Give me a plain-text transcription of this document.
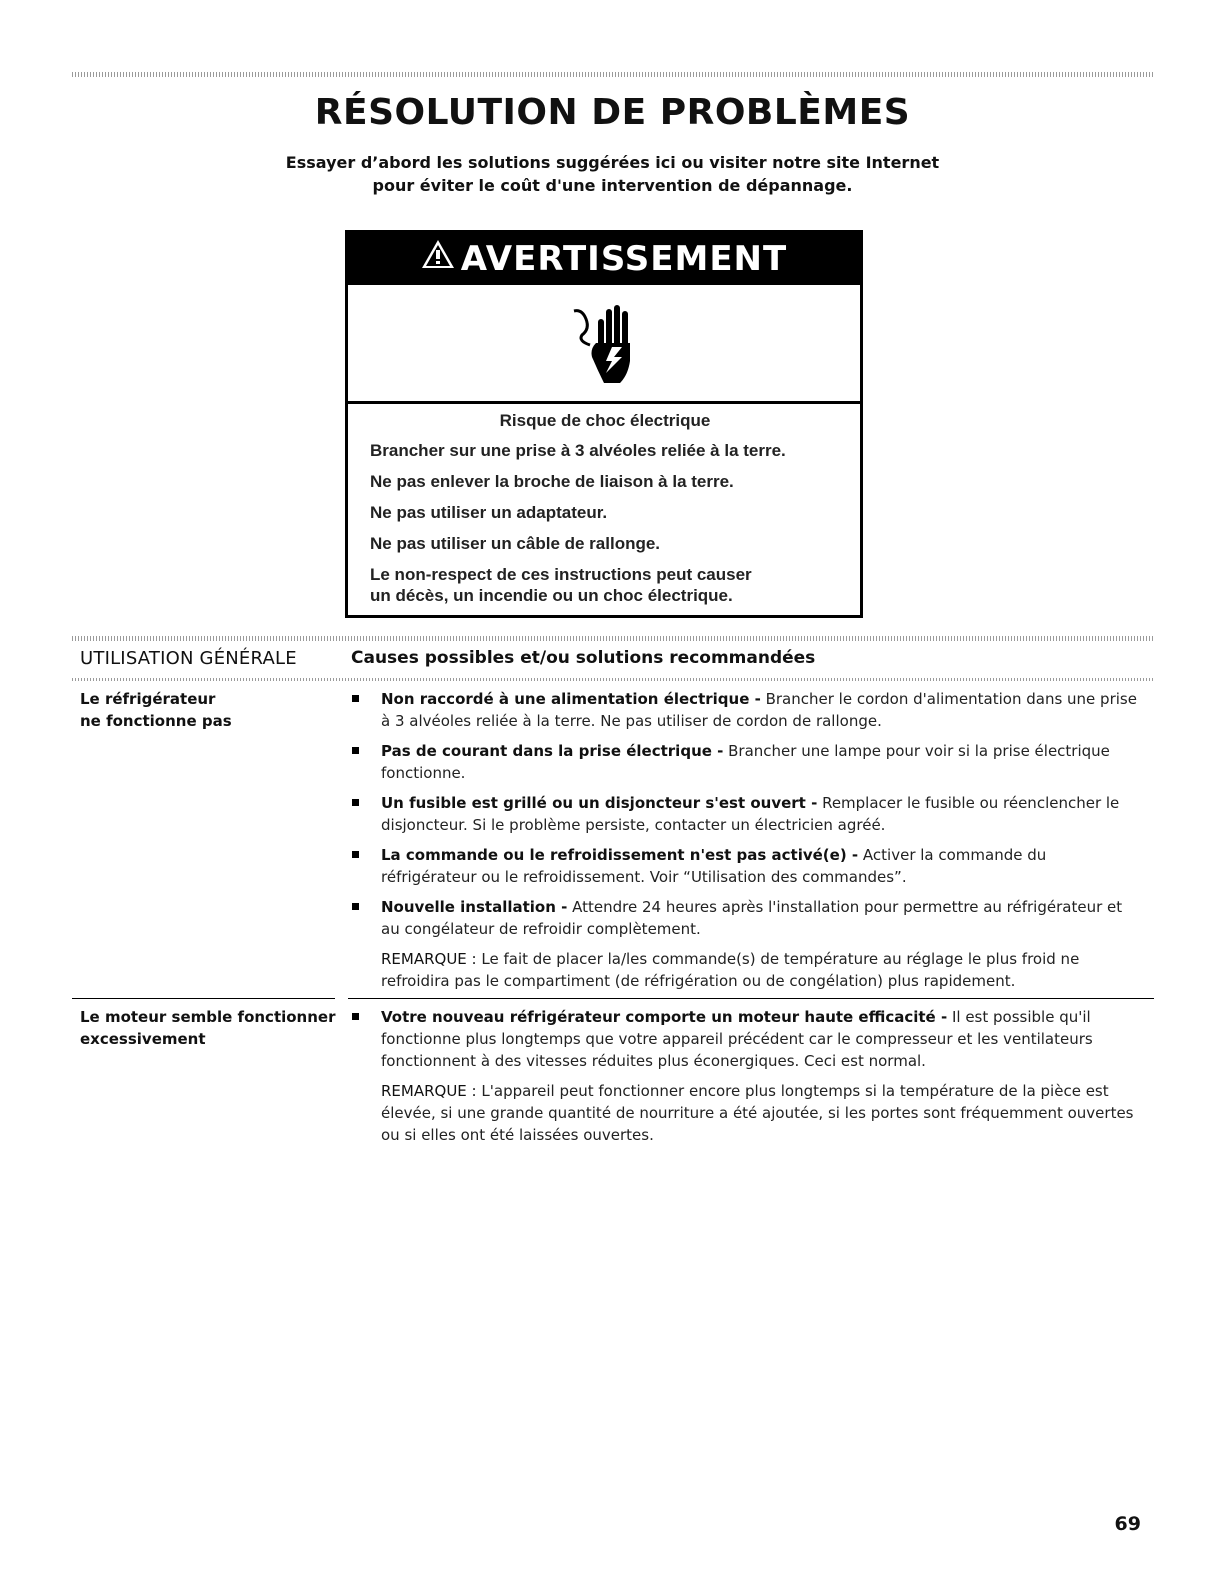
RÉSOLUTION DE PROBLÈMES
Essayer d’abord les solutions suggérées ici ou visiter notre site Internet
pour éviter le coût d'une intervention de dépannage.
AVERTISSEMENT

Risque de choc électrique

Brancher sur une prise à 3 alvéoles reliée à la terre.

Ne pas enlever la broche de liaison à la terre.

Ne pas utiliser un adaptateur.

Ne pas utiliser un câble de rallonge.

Le non-respect de ces instructions peut causer
un décès, un incendie ou un choc électrique.

UTILISATION GÉNÉRALE	Causes possibles et/ou solutions recommandées
Le réfrigérateur
ne fonctionne pas
Non raccordé à une alimentation électrique - Brancher le cordon d'alimentation dans une prise à 3 alvéoles reliée à la terre. Ne pas utiliser de cordon de rallonge.
Pas de courant dans la prise électrique - Brancher une lampe pour voir si la prise électrique fonctionne.
Un fusible est grillé ou un disjoncteur s'est ouvert - Remplacer le fusible ou réenclencher le disjoncteur. Si le problème persiste, contacter un électricien agréé.
La commande ou le refroidissement n'est pas activé(e) - Activer la commande du réfrigérateur ou le refroidissement. Voir “Utilisation des commandes”.
Nouvelle installation - Attendre 24 heures après l'installation pour permettre au réfrigérateur et au congélateur de refroidir complètement.
REMARQUE : Le fait de placer la/les commande(s) de température au réglage le plus froid ne refroidira pas le compartiment (de réfrigération ou de congélation) plus rapidement.
Le moteur semble fonctionner
excessivement
Votre nouveau réfrigérateur comporte un moteur haute efficacité - Il est possible qu'il fonctionne plus longtemps que votre appareil précédent car le compresseur et les ventilateurs fonctionnent à des vitesses réduites plus éconergiques. Ceci est normal.
REMARQUE : L'appareil peut fonctionner encore plus longtemps si la température de la pièce est élevée, si une grande quantité de nourriture a été ajoutée, si les portes sont fréquemment ouvertes ou si elles ont été laissées ouvertes.
69
